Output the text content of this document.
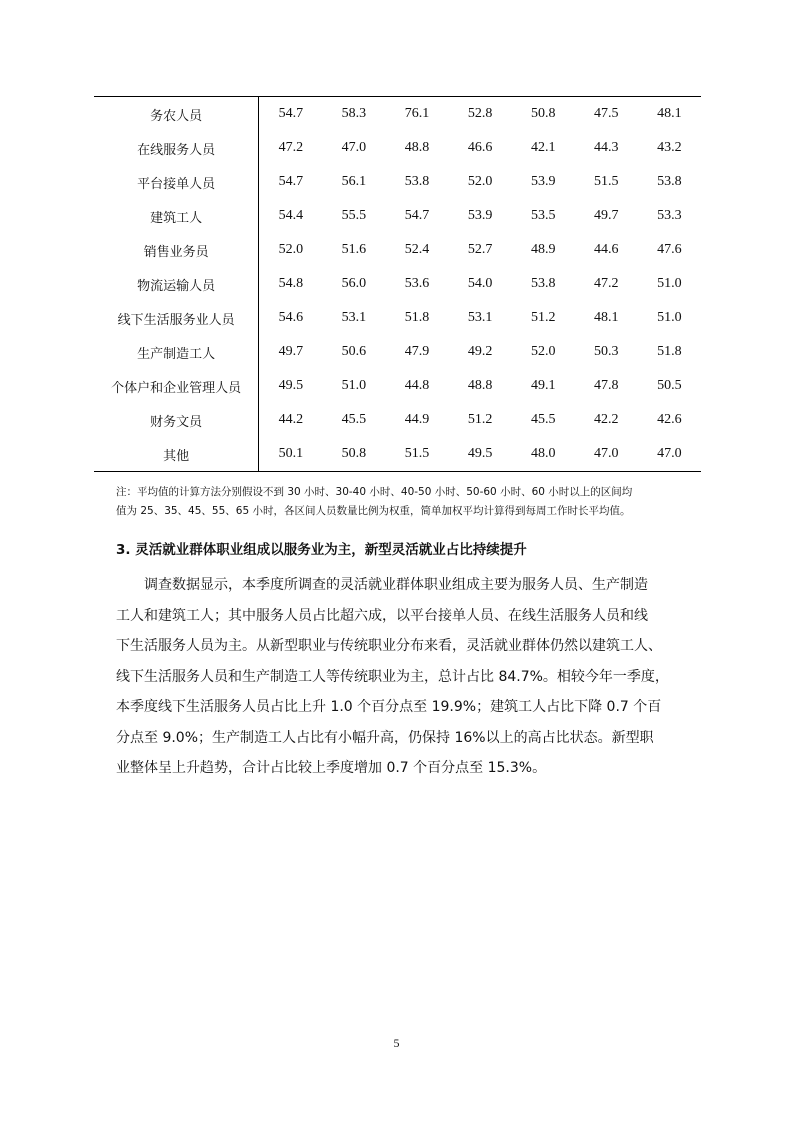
务农人员	54.7	58.3	76.1	52.8	50.8	47.5	48.1
在线服务人员	47.2	47.0	48.8	46.6	42.1	44.3	43.2
平台接单人员	54.7	56.1	53.8	52.0	53.9	51.5	53.8
建筑工人	54.4	55.5	54.7	53.9	53.5	49.7	53.3
销售业务员	52.0	51.6	52.4	52.7	48.9	44.6	47.6
物流运输人员	54.8	56.0	53.6	54.0	53.8	47.2	51.0
线下生活服务业人员	54.6	53.1	51.8	53.1	51.2	48.1	51.0
生产制造工人	49.7	50.6	47.9	49.2	52.0	50.3	51.8
个体户和企业管理人员	49.5	51.0	44.8	48.8	49.1	47.8	50.5
财务文员	44.2	45.5	44.9	51.2	45.5	42.2	42.6
其他	50.1	50.8	51.5	49.5	48.0	47.0	47.0
注：平均值的计算方法分别假设不到 30 小时、30-40 小时、40-50 小时、50-60 小时、60 小时以上的区间均
值为 25、35、45、55、65 小时，各区间人员数量比例为权重，简单加权平均计算得到每周工作时长平均值。
3. 灵活就业群体职业组成以服务业为主，新型灵活就业占比持续提升
　　调查数据显示，本季度所调查的灵活就业群体职业组成主要为服务人员、生产制造
工人和建筑工人；其中服务人员占比超六成，以平台接单人员、在线生活服务人员和线
下生活服务人员为主。从新型职业与传统职业分布来看，灵活就业群体仍然以建筑工人、
线下生活服务人员和生产制造工人等传统职业为主，总计占比 84.7%。相较今年一季度，
本季度线下生活服务人员占比上升 1.0 个百分点至 19.9%；建筑工人占比下降 0.7 个百
分点至 9.0%；生产制造工人占比有小幅升高，仍保持 16%以上的高占比状态。新型职
业整体呈上升趋势，合计占比较上季度增加 0.7 个百分点至 15.3%。
5
